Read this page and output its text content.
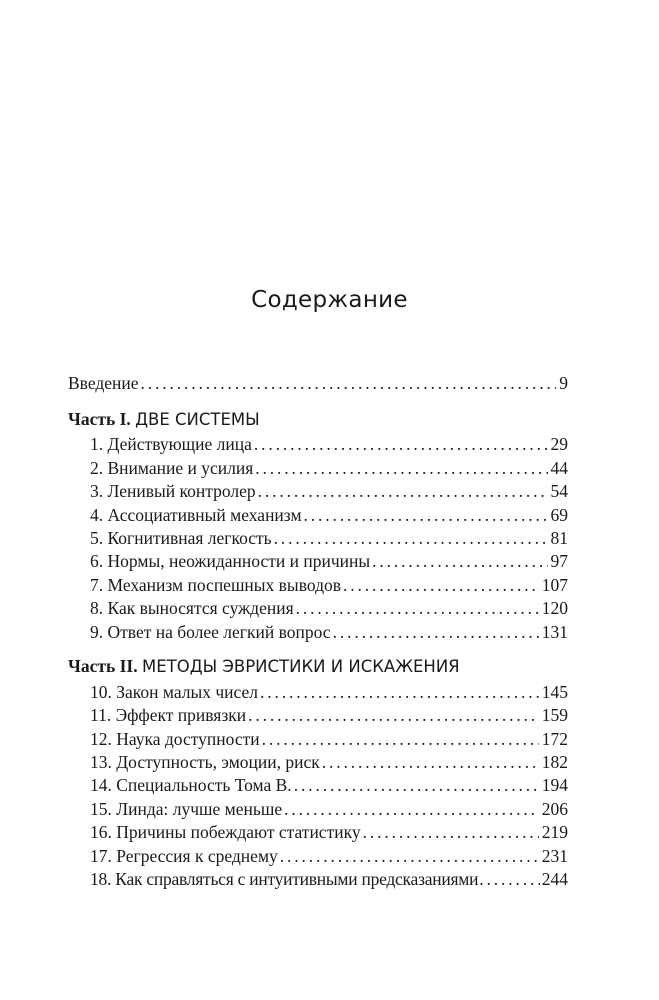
Содержание
Введение . . .	9
Часть I. ДВЕ СИСТЕМЫ
1. Действующие лица . . .	29
2. Внимание и усилия . . .	44
3. Ленивый контролер . . .	54
4. Ассоциативный механизм . . .	69
5. Когнитивная легкость . . .	81
6. Нормы, неожиданности и причины . . .	97
7. Механизм поспешных выводов . . .	107
8. Как выносятся суждения . . .	120
9. Ответ на более легкий вопрос . . .	131
Часть II. МЕТОДЫ ЭВРИСТИКИ И ИСКАЖЕНИЯ
10. Закон малых чисел . . .	145
11. Эффект привязки . . .	159
12. Наука доступности . . .	172
13. Доступность, эмоции, риск . . .	182
14. Специальность Тома В. . . .	194
15. Линда: лучше меньше . . .	206
16. Причины побеждают статистику . . .	219
17. Регрессия к среднему . . .	231
18. Как справляться с интуитивными предсказаниями . . .	244
